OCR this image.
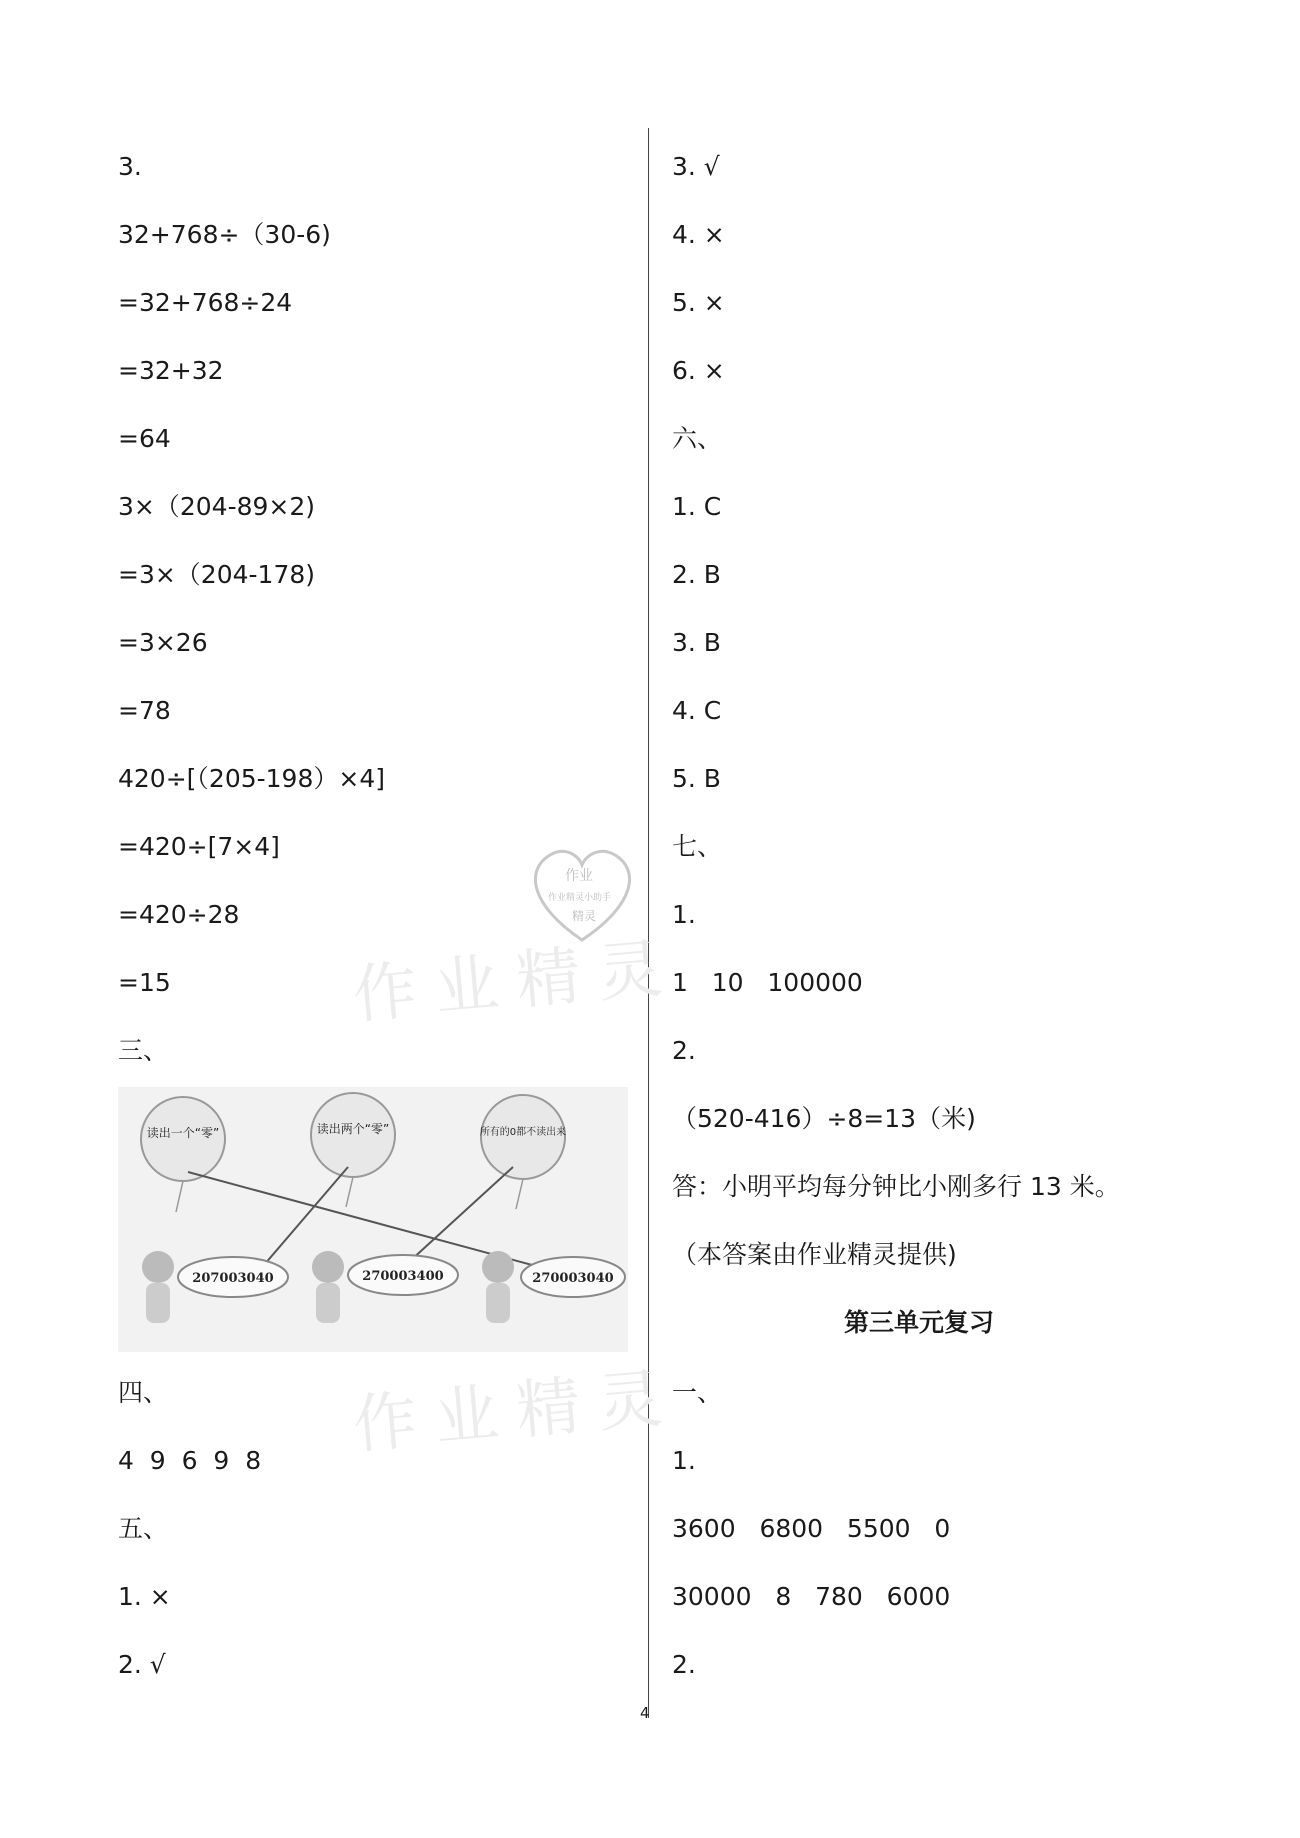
3.
32+768÷（30-6)
=32+768÷24
=32+32
=64
3×（204-89×2)
=3×（204-178)
=3×26
=78
420÷[（205-198）×4]
=420÷[7×4]
=420÷28
=15
三、
四、
4  9  6  9  8
五、
1. ×
2. √
读出一个“零”	读出两个“零”	所有的0都不读出来
207003040	270003400	270003040
3. √
4. ×
5. ×
6. ×
六、
1. C
2. B
3. B
4. C
5. B
七、
1.
1   10   100000
2.
（520-416）÷8=13（米)
答：小明平均每分钟比小刚多行 13 米。
（本答案由作业精灵提供)
第三单元复习
一、
1.
3600   6800   5500   0
30000   8   780   6000
2.
作业精灵
作业精灵
作业
作业精灵小助手
精灵
4
